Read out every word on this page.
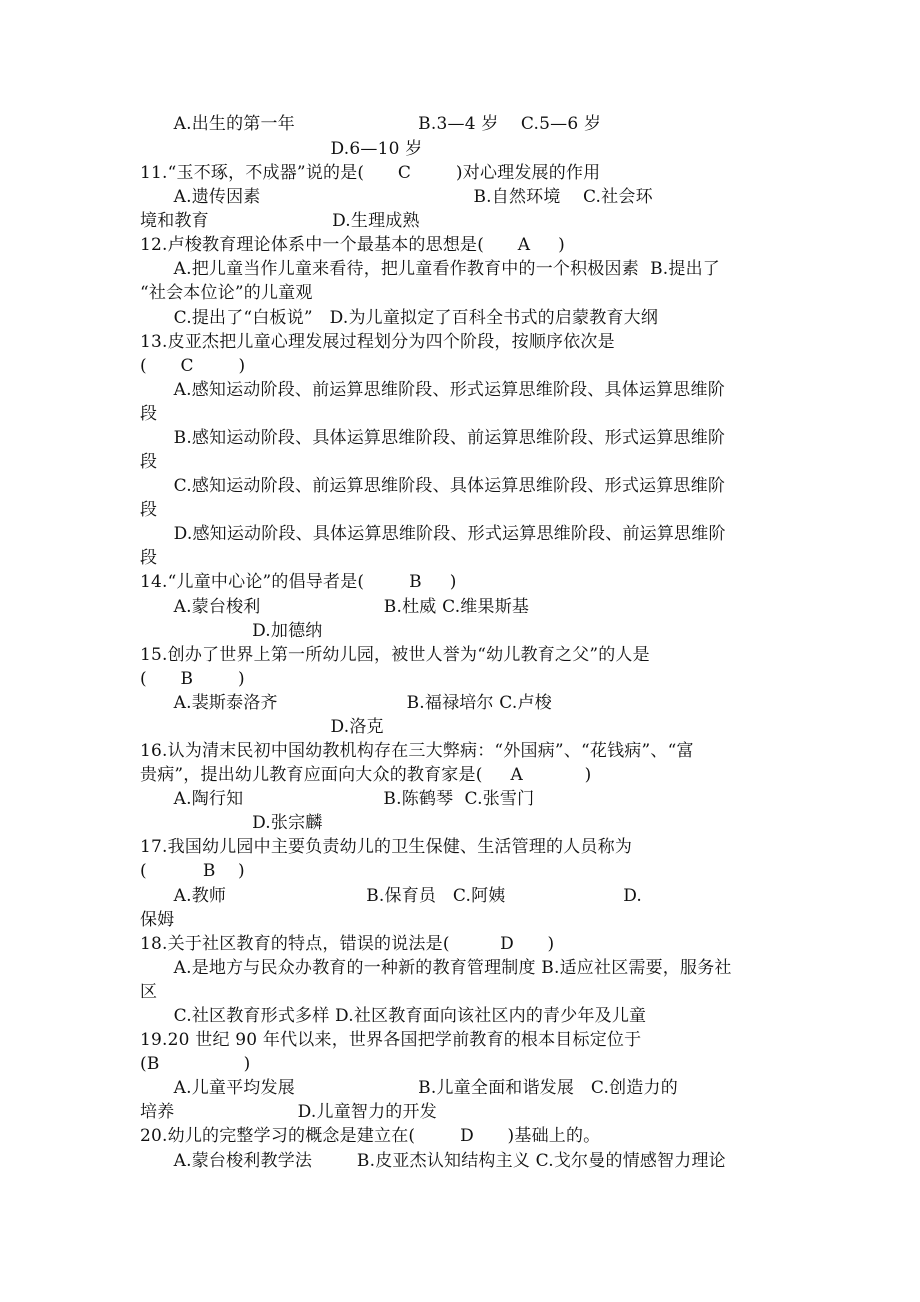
A.出生的第一年                      B.3—4 岁    C.5—6 岁
D.6—10 岁
11.“玉不琢，不成器”说的是(      C        )对心理发展的作用
A.遗传因素                                      B.自然环境    C.社会环
境和教育                      D.生理成熟
12.卢梭教育理论体系中一个最基本的思想是(      A     )
A.把儿童当作儿童来看待，把儿童看作教育中的一个积极因素  B.提出了
“社会本位论”的儿童观
C.提出了“白板说”   D.为儿童拟定了百科全书式的启蒙教育大纲
13.皮亚杰把儿童心理发展过程划分为四个阶段，按顺序依次是
(      C        )
A.感知运动阶段、前运算思维阶段、形式运算思维阶段、具体运算思维阶
段
B.感知运动阶段、具体运算思维阶段、前运算思维阶段、形式运算思维阶
段
C.感知运动阶段、前运算思维阶段、具体运算思维阶段、形式运算思维阶
段
D.感知运动阶段、具体运算思维阶段、形式运算思维阶段、前运算思维阶
段
14.“儿童中心论”的倡导者是(        B     )
A.蒙台梭利                      B.杜威 C.维果斯基
D.加德纳
15.创办了世界上第一所幼儿园，被世人誉为“幼儿教育之父”的人是
(      B        )
A.裴斯泰洛齐                       B.福禄培尔 C.卢梭
D.洛克
16.认为清末民初中国幼教机构存在三大弊病：“外国病”、“花钱病”、“富
贵病”，提出幼儿教育应面向大众的教育家是(     A           )
A.陶行知                         B.陈鹤琴  C.张雪门
D.张宗麟
17.我国幼儿园中主要负责幼儿的卫生保健、生活管理的人员称为
(          B    )
A.教师                         B.保育员   C.阿姨                     D.
保姆
18.关于社区教育的特点，错误的说法是(         D      )
A.是地方与民众办教育的一种新的教育管理制度 B.适应社区需要，服务社
区
C.社区教育形式多样 D.社区教育面向该社区内的青少年及儿童
19.20 世纪 90 年代以来，世界各国把学前教育的根本目标定位于
(B               )
A.儿童平均发展                      B.儿童全面和谐发展   C.创造力的
培养                      D.儿童智力的开发
20.幼儿的完整学习的概念是建立在(        D      )基础上的。
A.蒙台梭利教学法        B.皮亚杰认知结构主义 C.戈尔曼的情感智力理论
